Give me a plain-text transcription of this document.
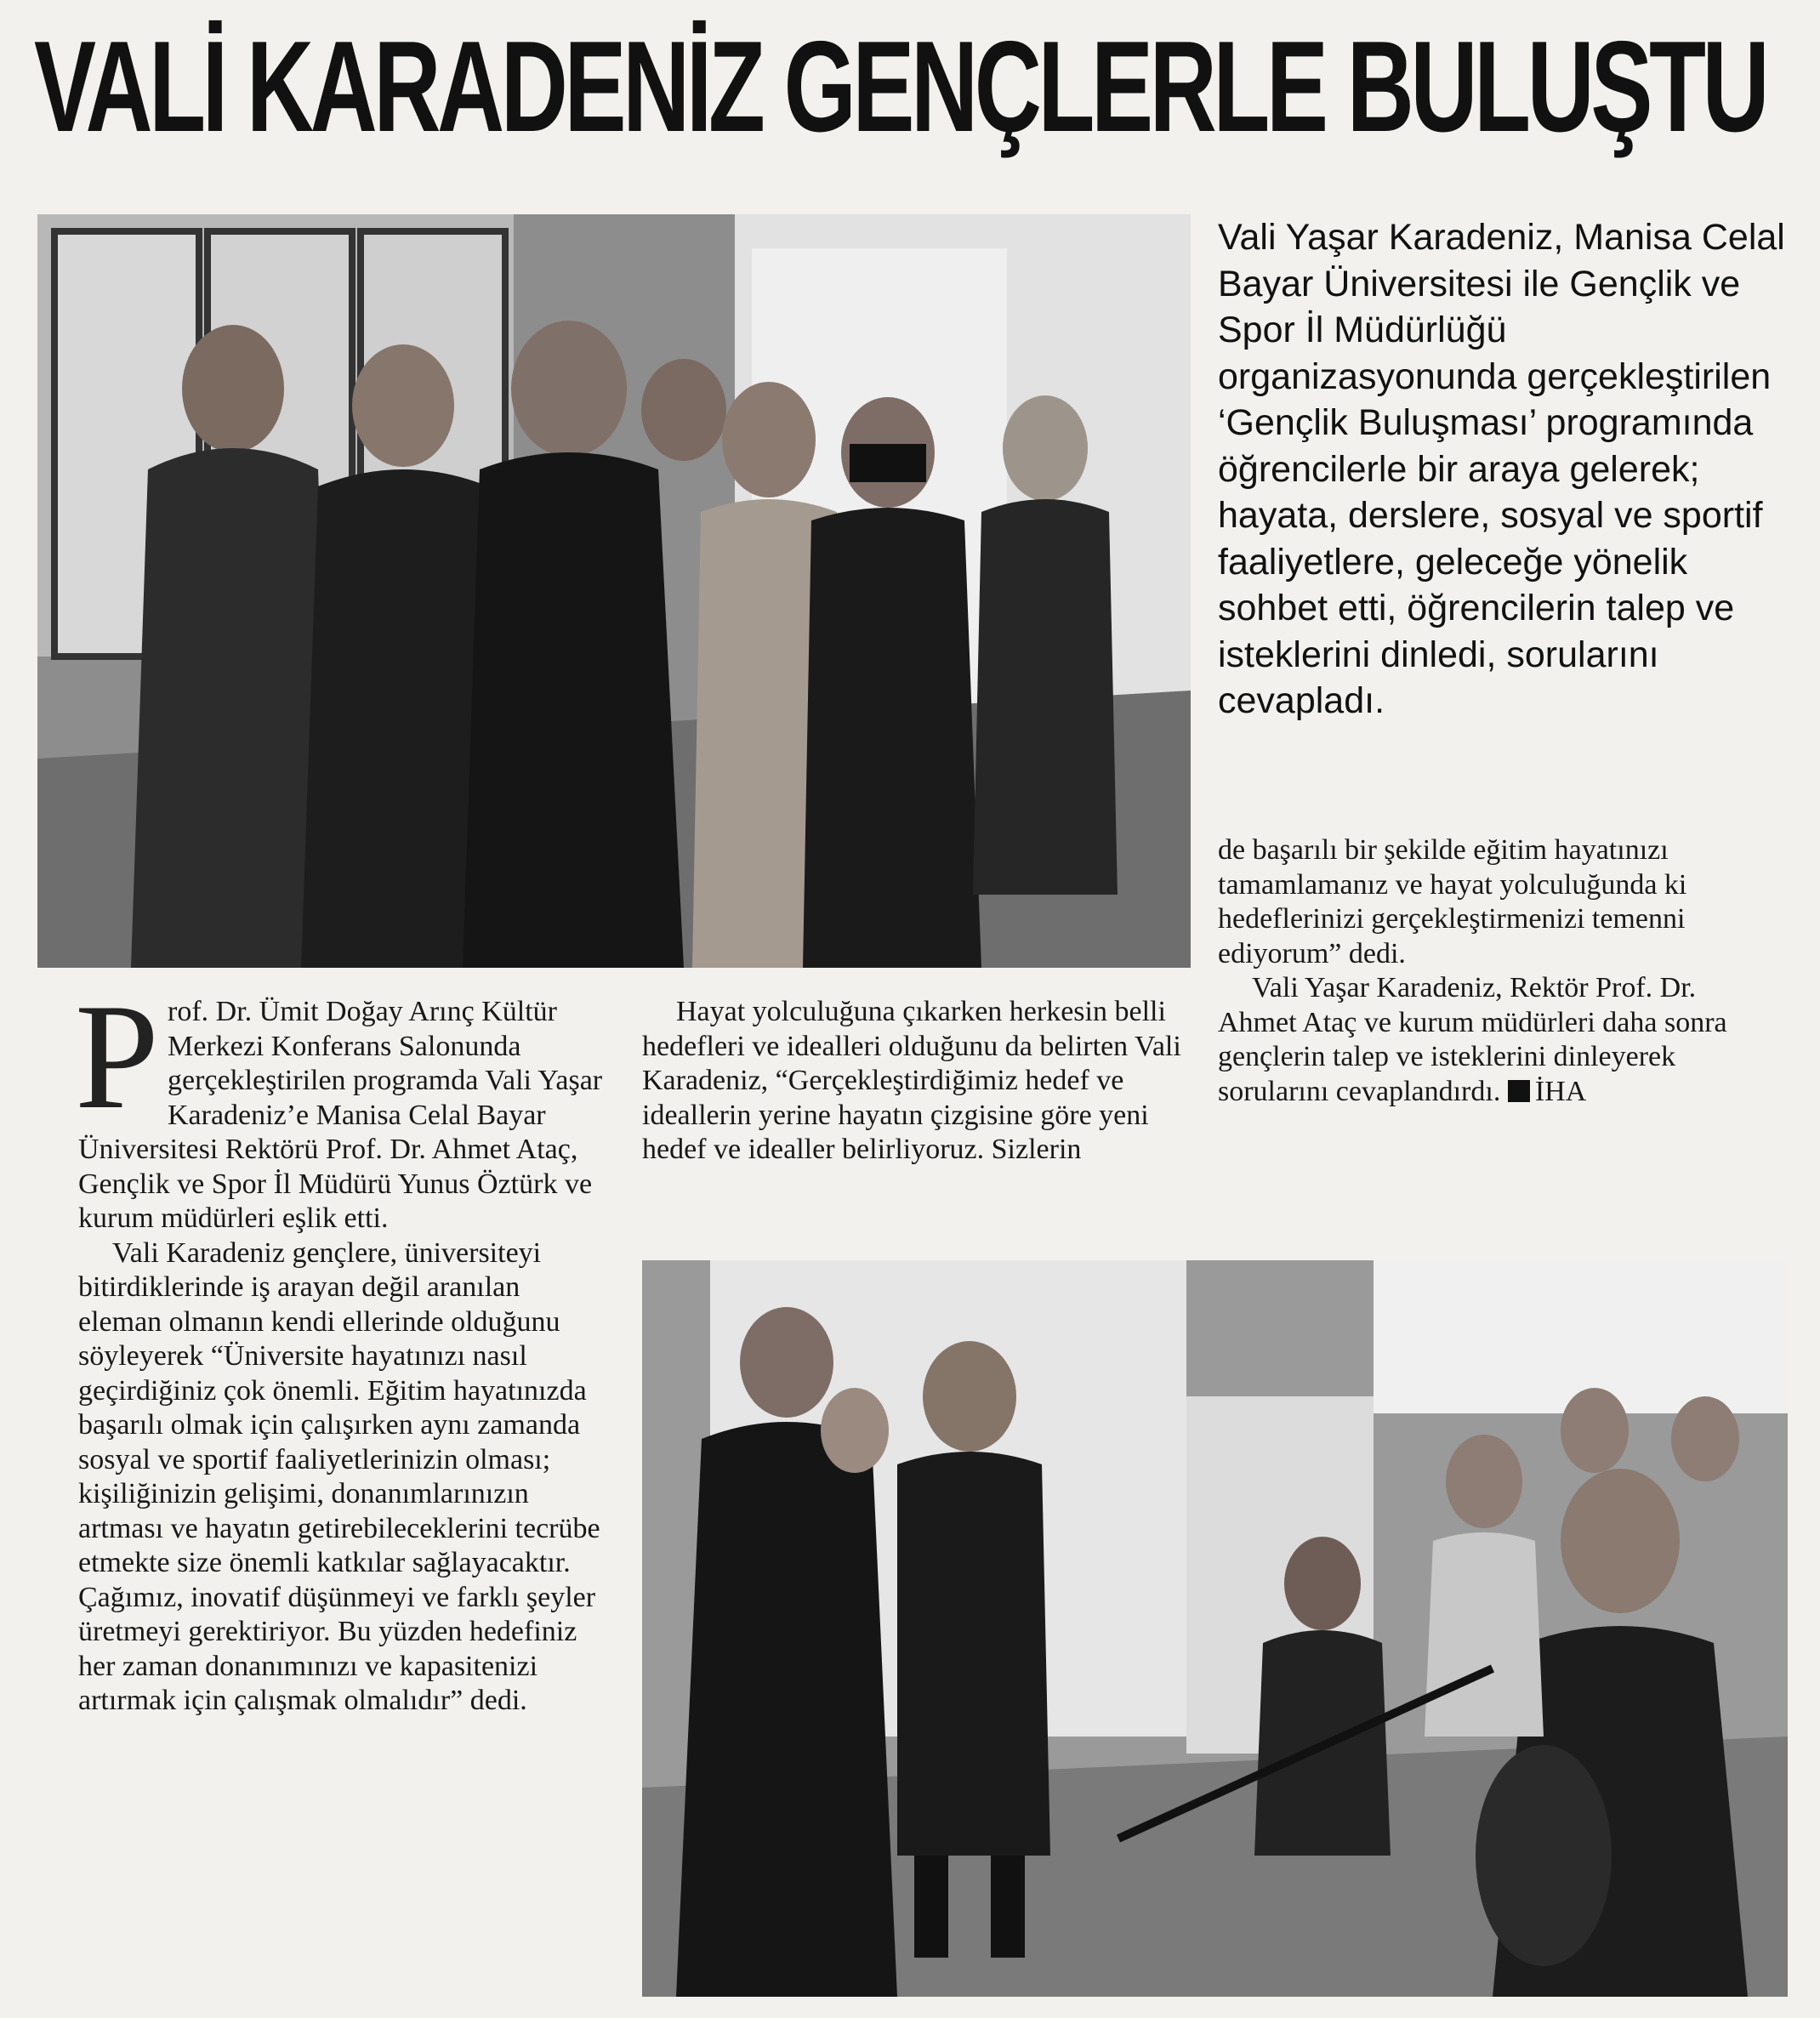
VALİ KARADENİZ GENÇLERLE BULUŞTU

Vali Yaşar Karadeniz, Manisa Celal Bayar Üniversitesi ile Gençlik ve Spor İl Müdürlüğü organizasyonunda gerçekleştirilen ‘Gençlik Buluşması’ programında öğrencilerle bir araya gelerek; hayata, derslere, sosyal ve sportif faaliyetlere, geleceğe yönelik sohbet etti, öğrencilerin talep ve isteklerini dinledi, sorularını cevapladı.

Prof. Dr. Ümit Doğay Arınç Kültür Merkezi Konferans Salonunda gerçekleştirilen programda Vali Yaşar Karadeniz’e Manisa Celal Bayar Üniversitesi Rektörü Prof. Dr. Ahmet Ataç, Gençlik ve Spor İl Müdürü Yunus Öztürk ve kurum müdürleri eşlik etti.

Vali Karadeniz gençlere, üniversiteyi bitirdiklerinde iş arayan değil aranılan eleman olmanın kendi ellerinde olduğunu söyleyerek “Üniversite hayatınızı nasıl geçirdiğiniz çok önemli. Eğitim hayatınızda başarılı olmak için çalışırken aynı zamanda sosyal ve sportif faaliyetlerinizin olması; kişiliğinizin gelişimi, donanımlarınızın artması ve hayatın getirebileceklerini tecrübe etmekte size önemli katkılar sağlayacaktır. Çağımız, inovatif düşünmeyi ve farklı şeyler üretmeyi gerektiriyor. Bu yüzden hedefiniz her zaman donanımınızı ve kapasitenizi artırmak için çalışmak olmalıdır” dedi.

Hayat yolculuğuna çıkarken herkesin belli hedefleri ve idealleri olduğunu da belirten Vali Karadeniz, “Gerçekleştirdiğimiz hedef ve ideallerin yerine hayatın çizgisine göre yeni hedef ve idealler belirliyoruz. Sizlerin

de başarılı bir şekilde eğitim hayatınızı tamamlamanız ve hayat yolculuğunda ki hedeflerinizi gerçekleştirmenizi temenni ediyorum” dedi.

Vali Yaşar Karadeniz, Rektör Prof. Dr. Ahmet Ataç ve kurum müdürleri daha sonra gençlerin talep ve isteklerini dinleyerek sorularını cevaplandırdı. İHA
